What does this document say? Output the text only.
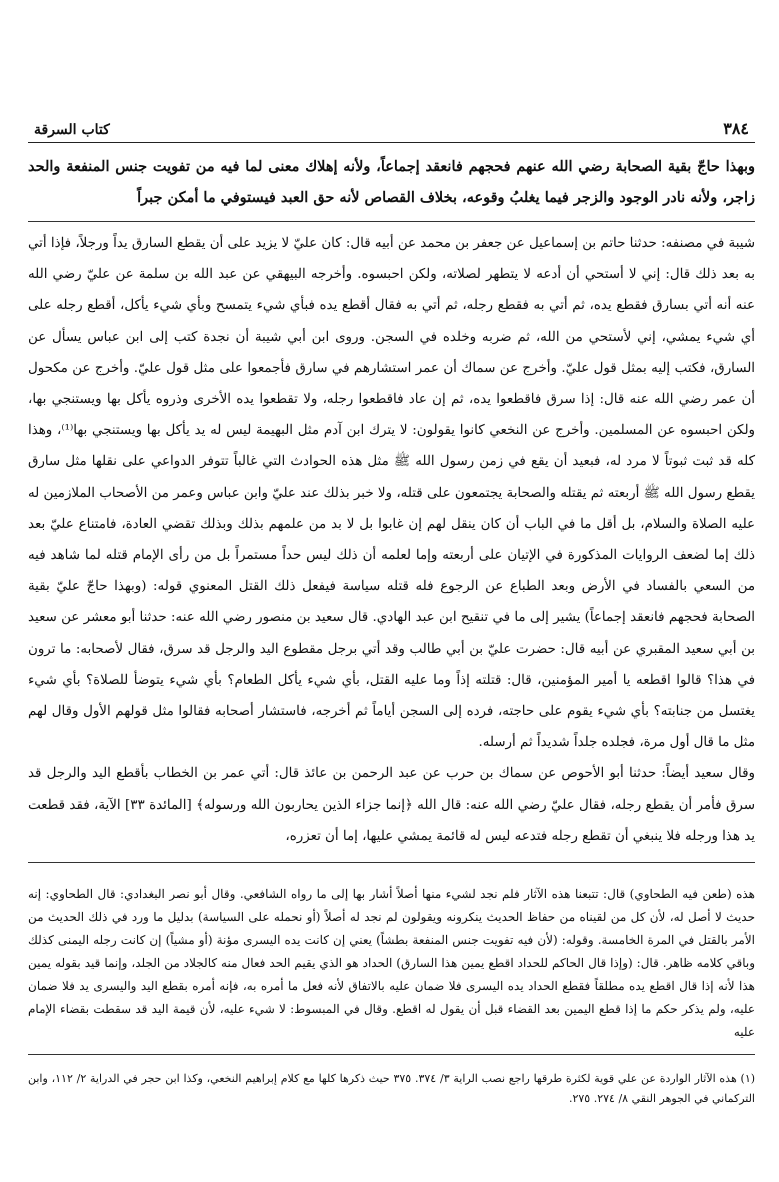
٣٨٤
كتاب السرقة

وبهذا حاجّ بقية الصحابة رضي الله عنهم فحجهم فانعقد إجماعاً، ولأنه إهلاك معنى لما فيه من تفويت جنس المنفعة والحد زاجر، ولأنه نادر الوجود والزجر فيما يغلبُ وقوعه، بخلاف القصاص لأنه حق العبد فيستوفي ما أمكن جبراً

شيبة في مصنفه: حدثنا حاتم بن إسماعيل عن جعفر بن محمد عن أبيه قال: كان عليّ لا يزيد على أن يقطع السارق يداً ورجلاً، فإذا أتي به بعد ذلك قال: إني لا أستحي أن أدعه لا يتطهر لصلاته، ولكن احبسوه. وأخرجه البيهقي عن عبد الله بن سلمة عن عليّ رضي الله عنه أنه أتي بسارق فقطع يده، ثم أتي به فقطع رجله، ثم أتي به فقال أقطع يده فبأي شيء يتمسح وبأي شيء يأكل، أقطع رجله على أي شيء يمشي، إني لأستحي من الله، ثم ضربه وخلده في السجن. وروى ابن أبي شيبة أن نجدة كتب إلى ابن عباس يسأل عن السارق، فكتب إليه بمثل قول عليّ. وأخرج عن سماك أن عمر استشارهم في سارق فأجمعوا على مثل قول عليّ. وأخرج عن مكحول أن عمر رضي الله عنه قال: إذا سرق فاقطعوا يده، ثم إن عاد فاقطعوا رجله، ولا تقطعوا يده الأخرى وذروه يأكل بها ويستنجي بها، ولكن احبسوه عن المسلمين. وأخرج عن النخعي كانوا يقولون: لا يترك ابن آدم مثل البهيمة ليس له يد يأكل بها ويستنجي بها⁽¹⁾، وهذا كله قد ثبت ثبوتاً لا مرد له، فبعيد أن يقع في زمن رسول الله ﷺ مثل هذه الحوادث التي غالباً تتوفر الدواعي على نقلها مثل سارق يقطع رسول الله ﷺ أربعته ثم يقتله والصحابة يجتمعون على قتله، ولا خبر بذلك عند عليّ وابن عباس وعمر من الأصحاب الملازمين له عليه الصلاة والسلام، بل أقل ما في الباب أن كان ينقل لهم إن غابوا بل لا بد من علمهم بذلك وبذلك تقضي العادة، فامتناع عليّ بعد ذلك إما لضعف الروايات المذكورة في الإتيان على أربعته وإما لعلمه أن ذلك ليس حداً مستمراً بل من رأى الإمام قتله لما شاهد فيه من السعي بالفساد في الأرض وبعد الطباع عن الرجوع فله قتله سياسة فيفعل ذلك القتل المعنوي قوله: (وبهذا حاجّ عليّ بقية الصحابة فحجهم فانعقد إجماعاً) يشير إلى ما في تنقيح ابن عبد الهادي. قال سعيد بن منصور رضي الله عنه: حدثنا أبو معشر عن سعيد بن أبي سعيد المقبري عن أبيه قال: حضرت عليّ بن أبي طالب وقد أتي برجل مقطوع اليد والرجل قد سرق، فقال لأصحابه: ما ترون في هذا؟ قالوا اقطعه يا أمير المؤمنين، قال: قتلته إذاً وما عليه القتل، بأي شيء يأكل الطعام؟ بأي شيء يتوضأ للصلاة؟ بأي شيء يغتسل من جنابته؟ بأي شيء يقوم على حاجته، فرده إلى السجن أياماً ثم أخرجه، فاستشار أصحابه فقالوا مثل قولهم الأول وقال لهم مثل ما قال أول مرة، فجلده جلداً شديداً ثم أرسله.

وقال سعيد أيضاً: حدثنا أبو الأحوص عن سماك بن حرب عن عبد الرحمن بن عائذ قال: أتي عمر بن الخطاب بأقطع اليد والرجل قد سرق فأمر أن يقطع رجله، فقال عليّ رضي الله عنه: قال الله ﴿إنما جزاء الذين يحاربون الله ورسوله﴾ [المائدة ٣٣] الآية، فقد قطعت يد هذا ورجله فلا ينبغي أن تقطع رجله فتدعه ليس له قائمة يمشي عليها، إما أن تعزره،

هذه (طعن فيه الطحاوي) قال: تتبعنا هذه الآثار فلم نجد لشيء منها أصلاً أشار بها إلى ما رواه الشافعي. وقال أبو نصر البغدادي: قال الطحاوي: إنه حديث لا أصل له، لأن كل من لقيناه من حفاظ الحديث ينكرونه ويقولون لم نجد له أصلاً (أو نحمله على السياسة) بدليل ما ورد في ذلك الحديث من الأمر بالقتل في المرة الخامسة. وقوله: (لأن فيه تفويت جنس المنفعة بطشاً) يعني إن كانت يده اليسرى مؤنة (أو مشياً) إن كانت رجله اليمنى كذلك وباقي كلامه ظاهر. قال: (وإذا قال الحاكم للحداد اقطع يمين هذا السارق) الحداد هو الذي يقيم الحد فعال منه كالجلاد من الجلد، وإنما قيد بقوله يمين هذا لأنه إذا قال اقطع يده مطلقاً فقطع الحداد يده اليسرى فلا ضمان عليه بالاتفاق لأنه فعل ما أمره به، فإنه أمره بقطع اليد واليسرى يد فلا ضمان عليه، ولم يذكر حكم ما إذا قطع اليمين بعد القضاء قبل أن يقول له اقطع. وقال في المبسوط: لا شيء عليه، لأن قيمة اليد قد سقطت بقضاء الإمام عليه

(١) هذه الآثار الواردة عن علي قوية لكثرة طرقها راجع نصب الراية ٣/ ٣٧٤. ٣٧٥ حيث ذكرها كلها مع كلام إبراهيم النخعي، وكذا ابن حجر في الدراية ٢/ ١١٢، وابن التركماني في الجوهر النقي ٨/ ٢٧٤. ٢٧٥.
